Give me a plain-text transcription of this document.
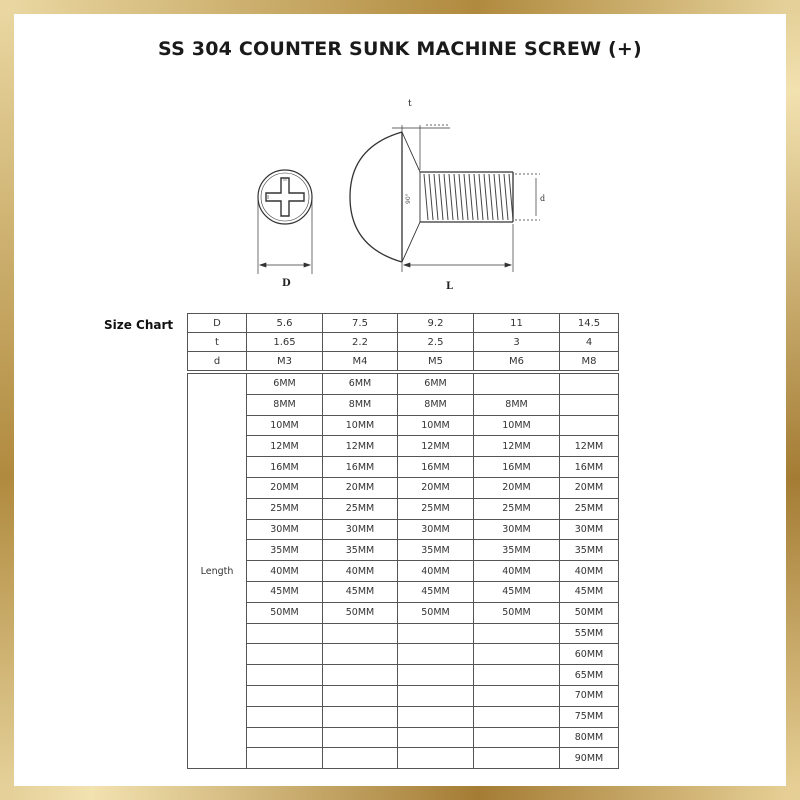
SS 304 COUNTER SUNK MACHINE SCREW (+)
D
t
90°	d
L
Size Chart	D	5.6	7.5	9.2	11	14.5
t	1.65	2.2	2.5	3	4
d	M3	M4	M5	M6	M8
Length	6MM	6MM	6MM		
	8MM	8MM	8MM	8MM	
	10MM	10MM	10MM	10MM	
	12MM	12MM	12MM	12MM	12MM
	16MM	16MM	16MM	16MM	16MM
	20MM	20MM	20MM	20MM	20MM
	25MM	25MM	25MM	25MM	25MM
	30MM	30MM	30MM	30MM	30MM
	35MM	35MM	35MM	35MM	35MM
	40MM	40MM	40MM	40MM	40MM
	45MM	45MM	45MM	45MM	45MM
	50MM	50MM	50MM	50MM	50MM
					55MM
					60MM
					65MM
					70MM
					75MM
					80MM
					90MM
